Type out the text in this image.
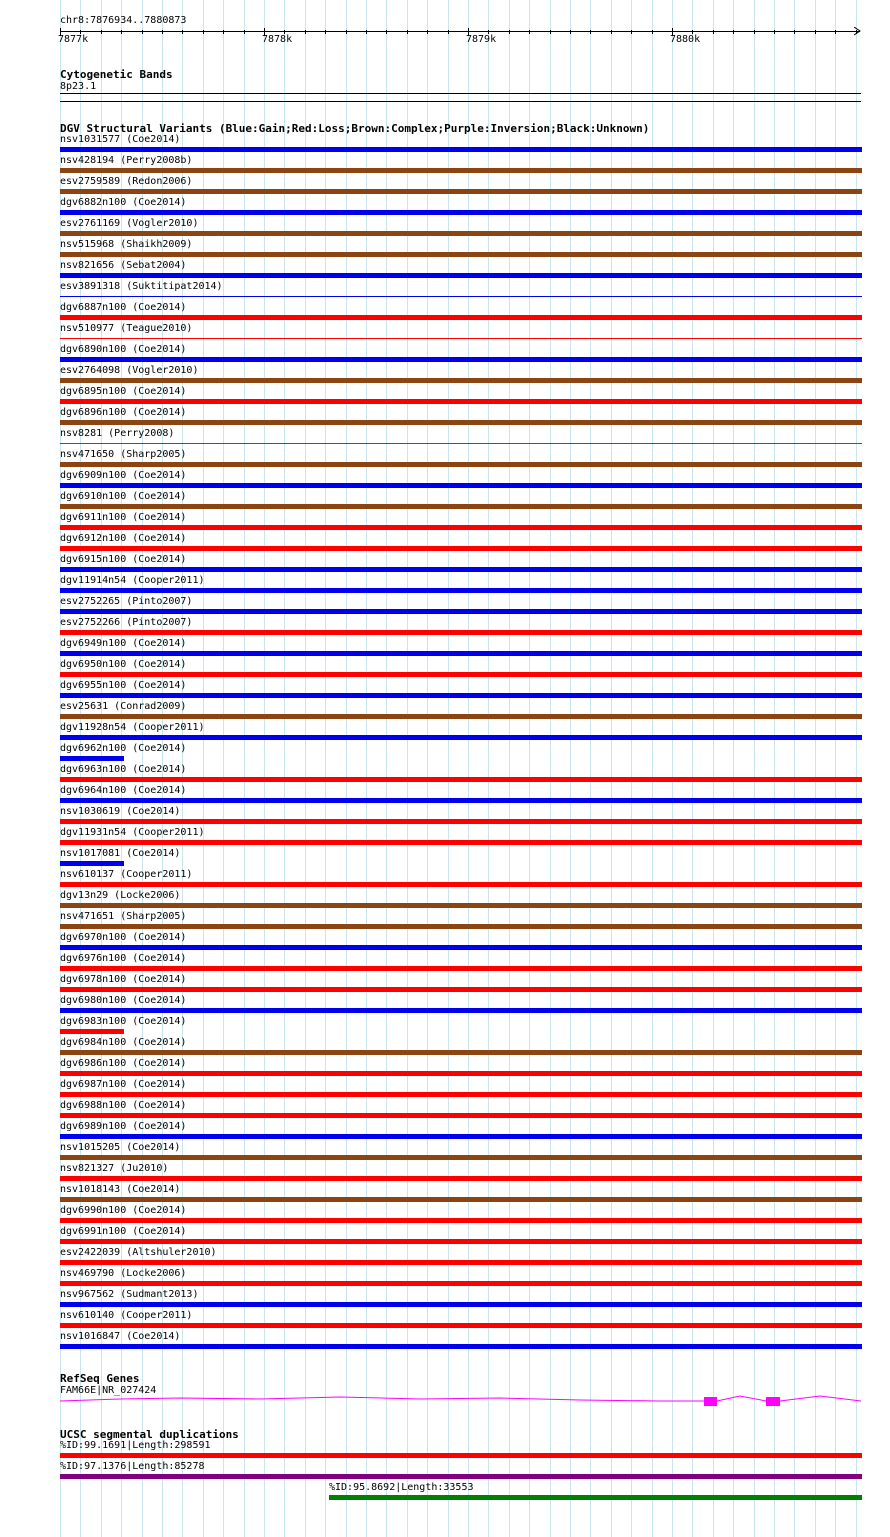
chr8:7876934..7880873
7877k	7878k	7879k	7880k
Cytogenetic Bands
8p23.1
DGV Structural Variants (Blue:Gain;Red:Loss;Brown:Complex;Purple:Inversion;Black:Unknown)
nsv1031577 (Coe2014)
nsv428194 (Perry2008b)
esv2759589 (Redon2006)
dgv6882n100 (Coe2014)
esv2761169 (Vogler2010)
nsv515968 (Shaikh2009)
nsv821656 (Sebat2004)
esv3891318 (Suktitipat2014)
dgv6887n100 (Coe2014)
nsv510977 (Teague2010)
dgv6890n100 (Coe2014)
esv2764098 (Vogler2010)
dgv6895n100 (Coe2014)
dgv6896n100 (Coe2014)
nsv8281 (Perry2008)
nsv471650 (Sharp2005)
dgv6909n100 (Coe2014)
dgv6910n100 (Coe2014)
dgv6911n100 (Coe2014)
dgv6912n100 (Coe2014)
dgv6915n100 (Coe2014)
dgv11914n54 (Cooper2011)
esv2752265 (Pinto2007)
esv2752266 (Pinto2007)
dgv6949n100 (Coe2014)
dgv6950n100 (Coe2014)
dgv6955n100 (Coe2014)
esv25631 (Conrad2009)
dgv11928n54 (Cooper2011)
dgv6962n100 (Coe2014)
dgv6963n100 (Coe2014)
dgv6964n100 (Coe2014)
nsv1030619 (Coe2014)
dgv11931n54 (Cooper2011)
nsv1017081 (Coe2014)
nsv610137 (Cooper2011)
dgv13n29 (Locke2006)
nsv471651 (Sharp2005)
dgv6970n100 (Coe2014)
dgv6976n100 (Coe2014)
dgv6978n100 (Coe2014)
dgv6980n100 (Coe2014)
dgv6983n100 (Coe2014)
dgv6984n100 (Coe2014)
dgv6986n100 (Coe2014)
dgv6987n100 (Coe2014)
dgv6988n100 (Coe2014)
dgv6989n100 (Coe2014)
nsv1015205 (Coe2014)
nsv821327 (Ju2010)
nsv1018143 (Coe2014)
dgv6990n100 (Coe2014)
dgv6991n100 (Coe2014)
esv2422039 (Altshuler2010)
nsv469790 (Locke2006)
nsv967562 (Sudmant2013)
nsv610140 (Cooper2011)
nsv1016847 (Coe2014)
RefSeq Genes
FAM66E|NR_027424
UCSC segmental duplications
%ID:99.1691|Length:298591
%ID:97.1376|Length:85278
%ID:95.8692|Length:33553
